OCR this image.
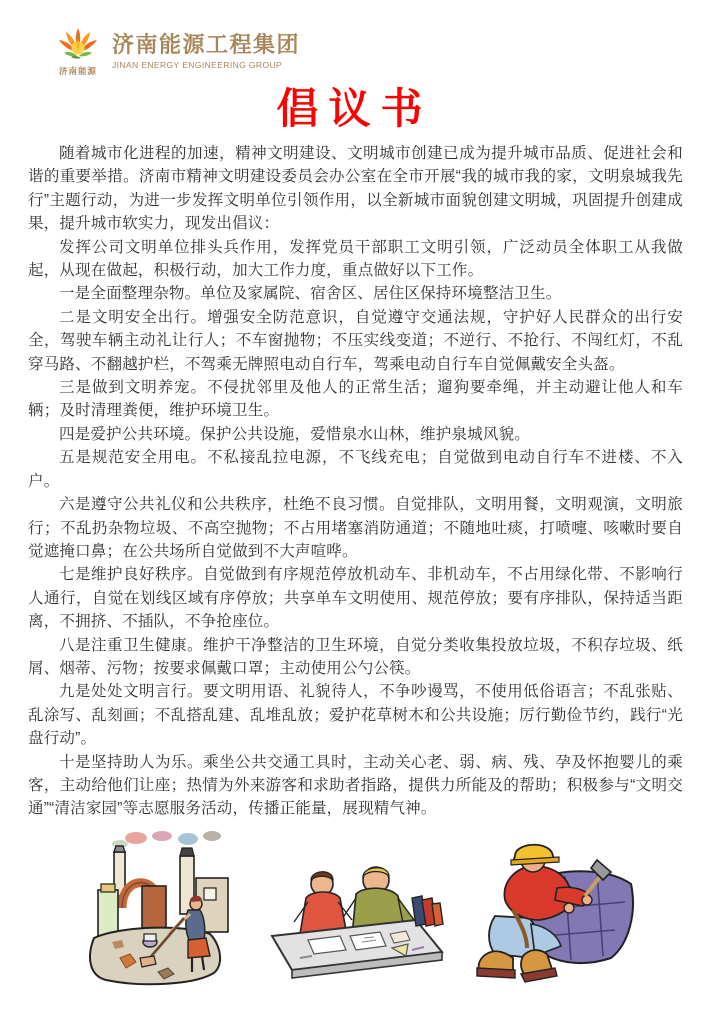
济南能源
济南能源工程集团
JINAN ENERGY ENGINEERING GROUP
倡议书

随着城市化进程的加速，精神文明建设、文明城市创建已成为提升城市品质、促进社会和谐的重要举措。济南市精神文明建设委员会办公室在全市开展“我的城市我的家，文明泉城我先行”主题行动，为进一步发挥文明单位引领作用，以全新城市面貌创建文明城，巩固提升创建成果，提升城市软实力，现发出倡议：

发挥公司文明单位排头兵作用，发挥党员干部职工文明引领，广泛动员全体职工从我做起，从现在做起，积极行动，加大工作力度，重点做好以下工作。

一是全面整理杂物。单位及家属院、宿舍区、居住区保持环境整洁卫生。

二是文明安全出行。增强安全防范意识，自觉遵守交通法规，守护好人民群众的出行安全，驾驶车辆主动礼让行人；不车窗抛物；不压实线变道；不逆行、不抢行、不闯红灯，不乱穿马路、不翻越护栏，不驾乘无牌照电动自行车，驾乘电动自行车自觉佩戴安全头盔。

三是做到文明养宠。不侵扰邻里及他人的正常生活；遛狗要牵绳，并主动避让他人和车辆；及时清理粪便，维护环境卫生。

四是爱护公共环境。保护公共设施，爱惜泉水山林，维护泉城风貌。

五是规范安全用电。不私接乱拉电源，不飞线充电；自觉做到电动自行车不进楼、不入户。

六是遵守公共礼仪和公共秩序，杜绝不良习惯。自觉排队，文明用餐，文明观演，文明旅行；不乱扔杂物垃圾、不高空抛物；不占用堵塞消防通道；不随地吐痰，打喷嚏、咳嗽时要自觉遮掩口鼻；在公共场所自觉做到不大声喧哗。

七是维护良好秩序。自觉做到有序规范停放机动车、非机动车，不占用绿化带、不影响行人通行，自觉在划线区域有序停放；共享单车文明使用、规范停放；要有序排队，保持适当距离，不拥挤、不插队，不争抢座位。

八是注重卫生健康。维护干净整洁的卫生环境，自觉分类收集投放垃圾，不积存垃圾、纸屑、烟蒂、污物；按要求佩戴口罩；主动使用公勺公筷。

九是处处文明言行。要文明用语、礼貌待人，不争吵谩骂，不使用低俗语言；不乱张贴、乱涂写、乱刻画；不乱搭乱建、乱堆乱放；爱护花草树木和公共设施；厉行勤俭节约，践行“光盘行动”。

十是坚持助人为乐。乘坐公共交通工具时，主动关心老、弱、病、残、孕及怀抱婴儿的乘客，主动给他们让座；热情为外来游客和求助者指路，提供力所能及的帮助；积极参与“文明交通”“清洁家园”等志愿服务活动，传播正能量，展现精气神。
